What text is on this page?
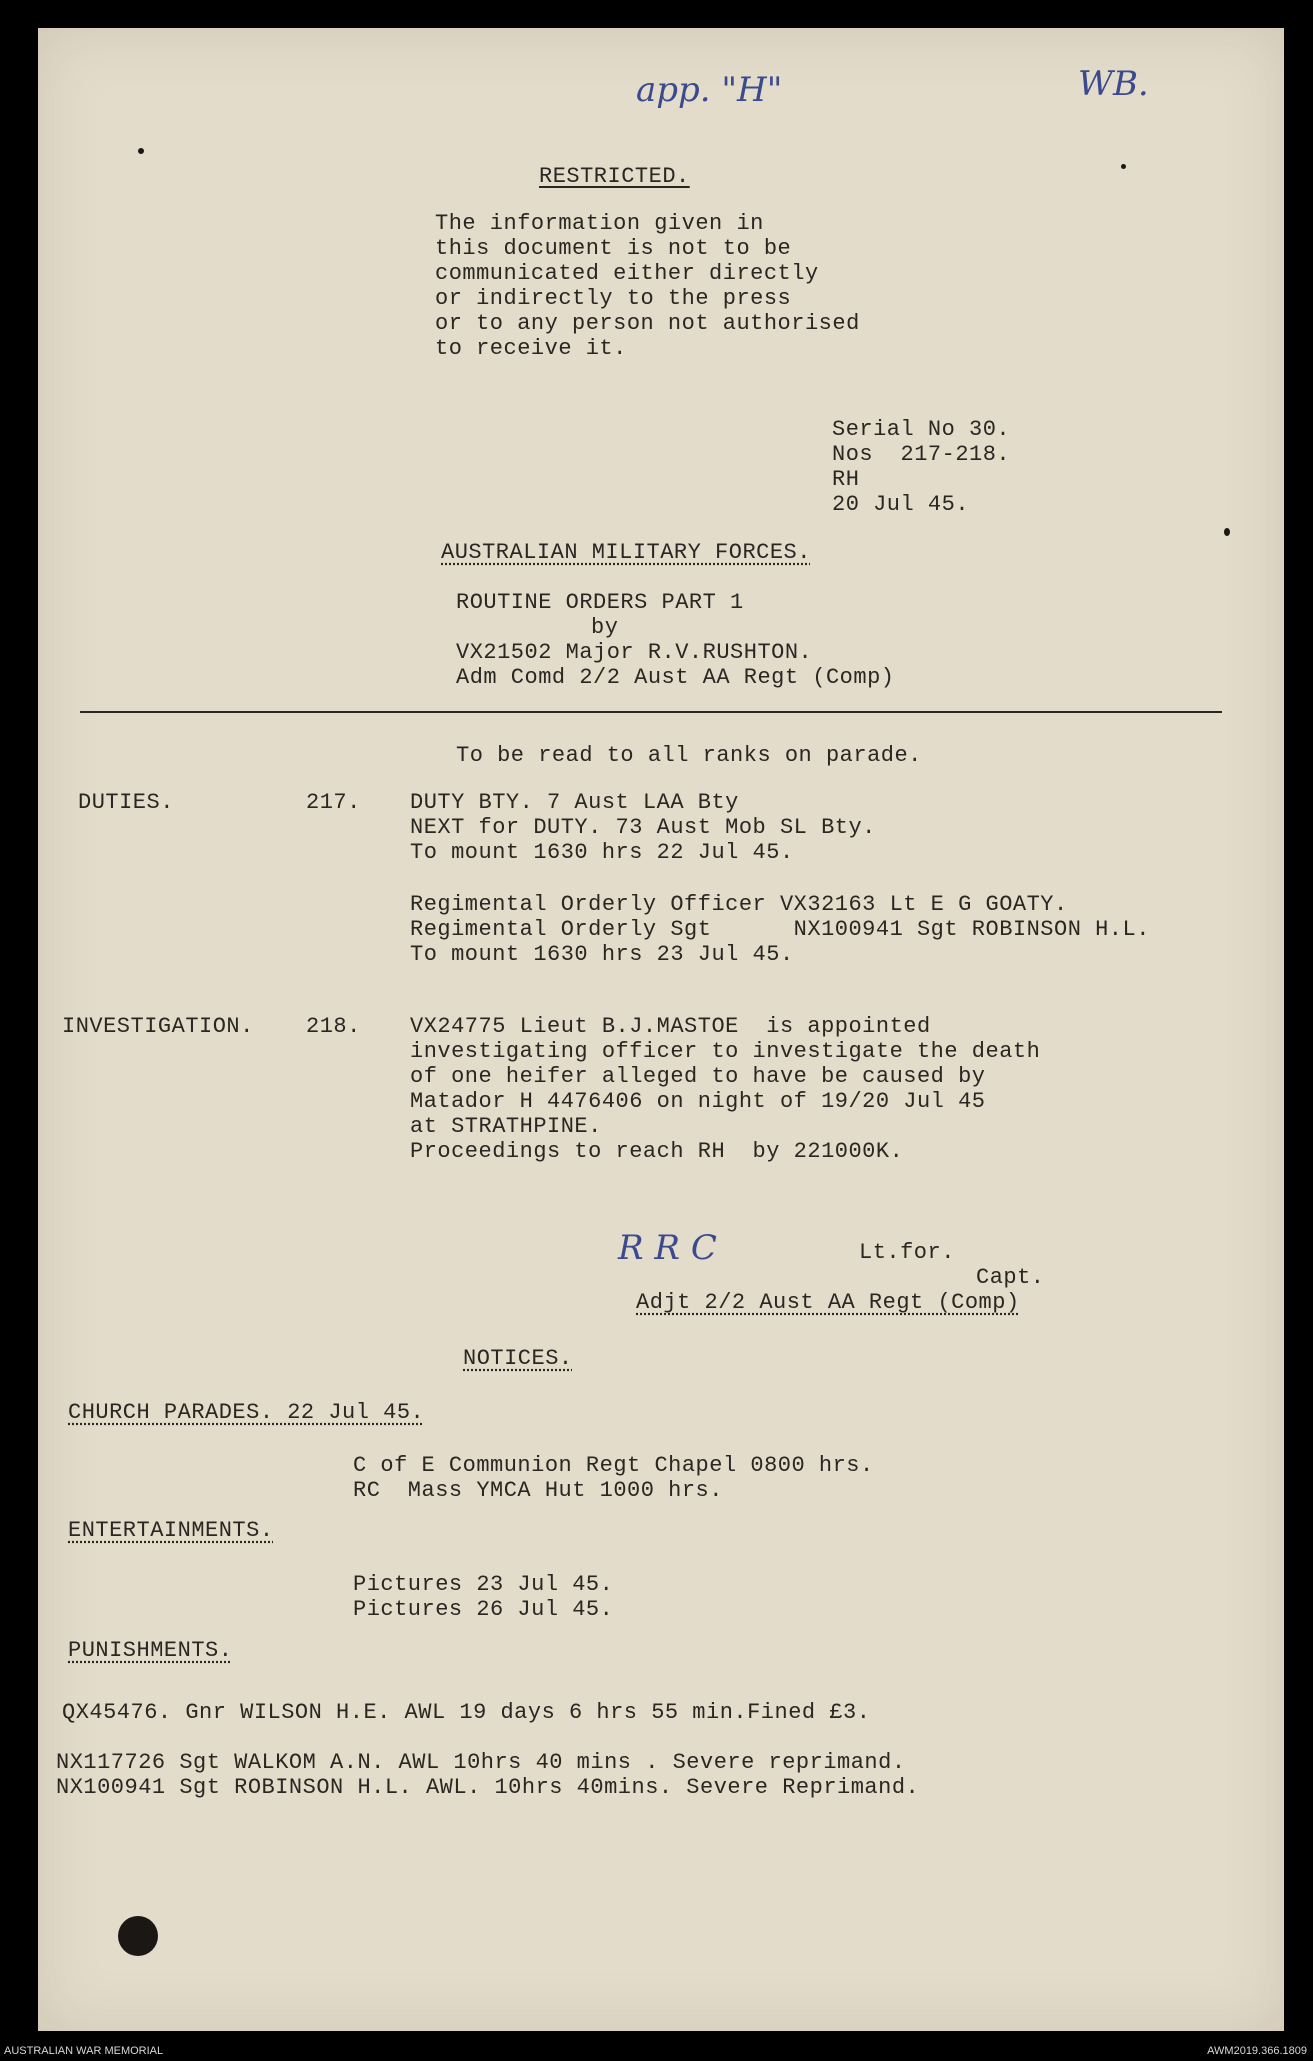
app. "H"	WB.

RESTRICTED.

The information given in
this document is not to be
communicated either directly
or indirectly to the press
or to any person not authorised
to receive it.

Serial No 30.

Nos  217-218.

RH

20 Jul 45.

AUSTRALIAN MILITARY FORCES.

ROUTINE ORDERS PART 1

by

VX21502 Major R.V.RUSHTON.

Adm Comd 2/2 Aust AA Regt (Comp)

To be read to all ranks on parade.

DUTIES.	217. DUTY BTY. 7 Aust LAA Bty
NEXT for DUTY. 73 Aust Mob SL Bty.
To mount 1630 hrs 22 Jul 45.

Regimental Orderly Officer VX32163 Lt E G GOATY.
Regimental Orderly Sgt      NX100941 Sgt ROBINSON H.L.
To mount 1630 hrs 23 Jul 45.

INVESTIGATION. 218. VX24775 Lieut B.J.MASTOE  is appointed
investigating officer to investigate the death
of one heifer alleged to have be caused by
Matador H 4476406 on night of 19/20 Jul 45
at STRATHPINE.
Proceedings to reach RH  by 221000K.

R R C	Lt.for.

Capt.

Adjt 2/2 Aust AA Regt (Comp)

NOTICES.

CHURCH PARADES. 22 Jul 45.

C of E Communion Regt Chapel 0800 hrs.
RC  Mass YMCA Hut 1000 hrs.

ENTERTAINMENTS.

Pictures 23 Jul 45.
Pictures 26 Jul 45.

PUNISHMENTS.

QX45476. Gnr WILSON H.E. AWL 19 days 6 hrs 55 min.Fined £3.

NX117726 Sgt WALKOM A.N. AWL 10hrs 40 mins . Severe reprimand.

NX100941 Sgt ROBINSON H.L. AWL. 10hrs 40mins. Severe Reprimand.

AUSTRALIAN WAR MEMORIAL	AWM2019.366.1809
